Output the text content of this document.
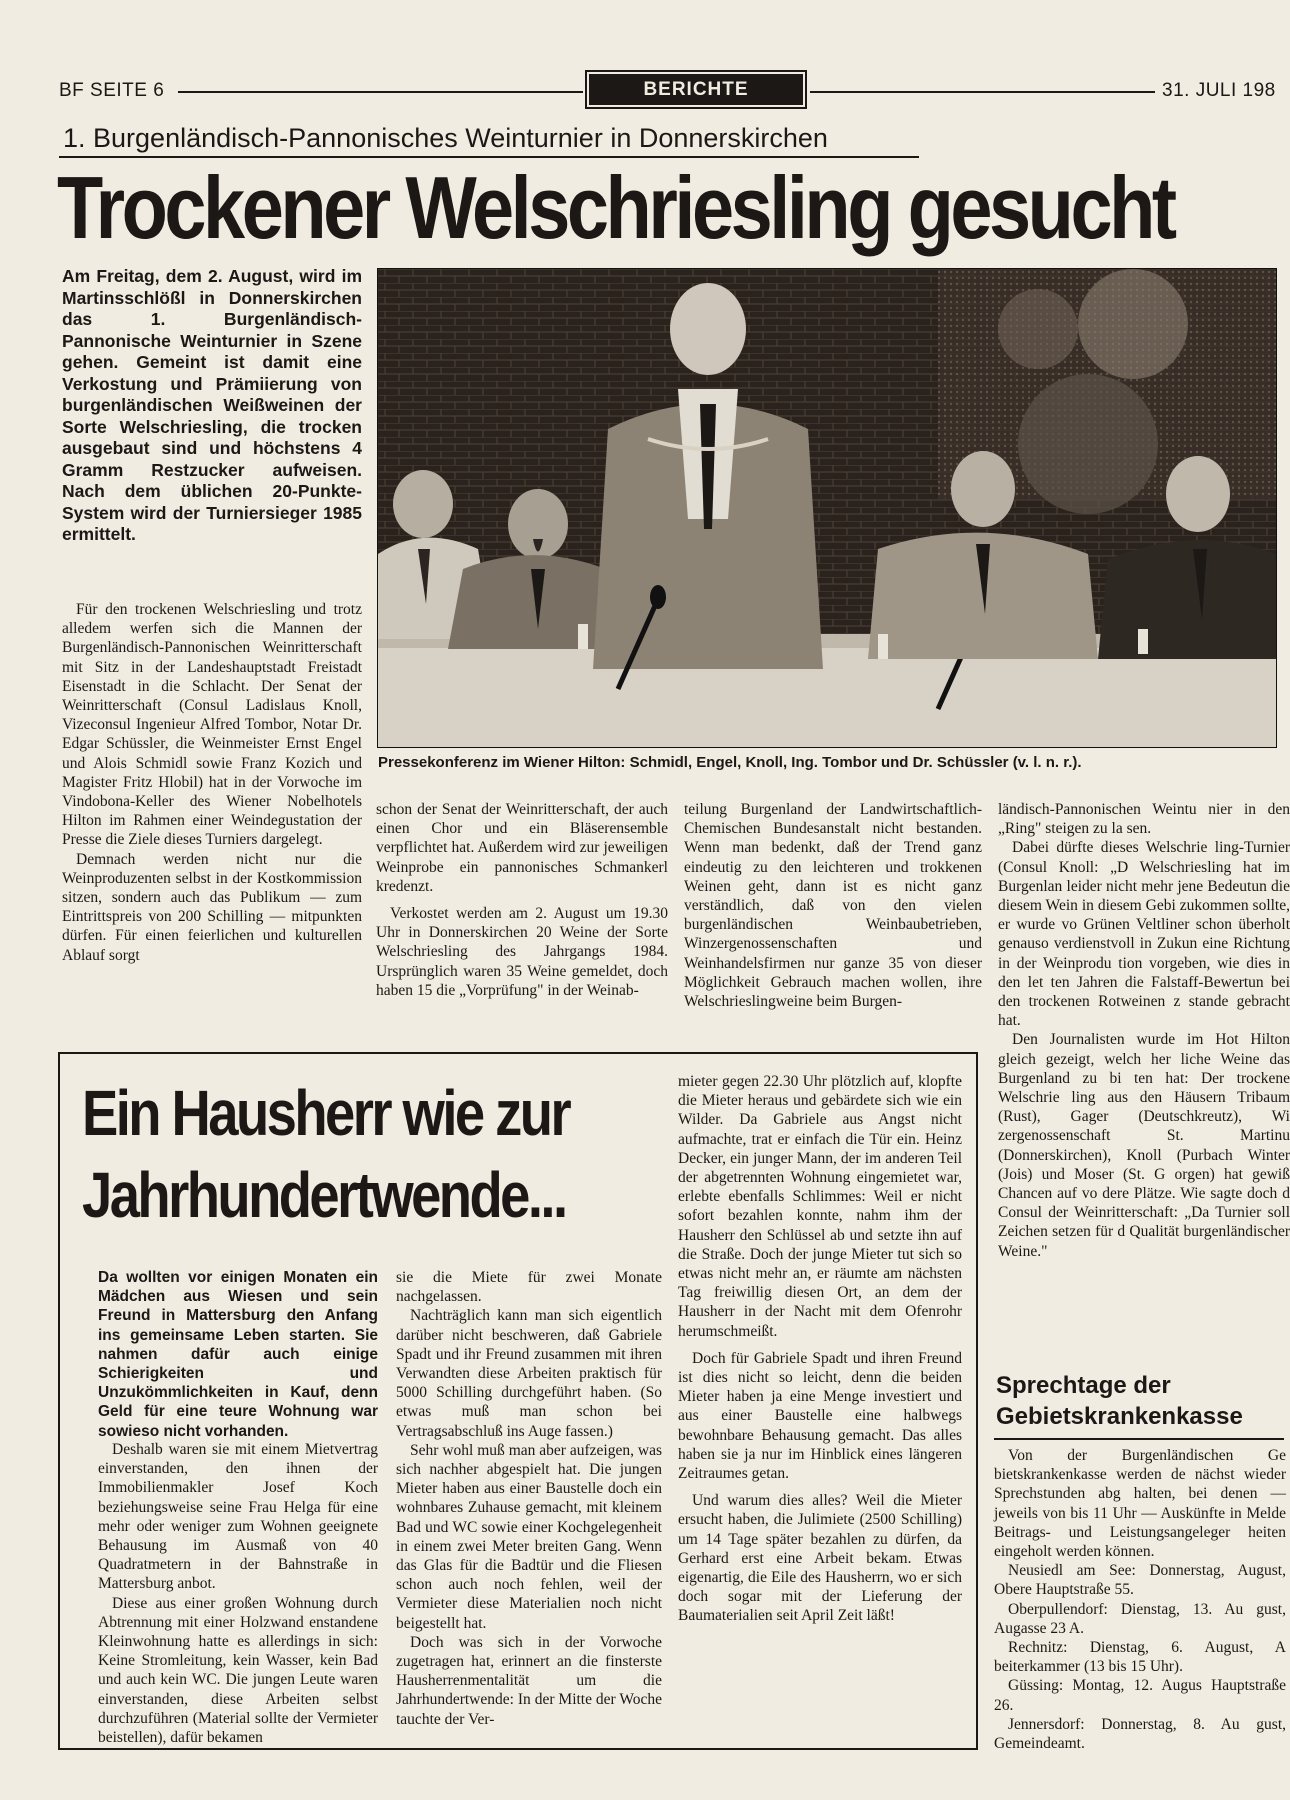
BF SEITE 6	BERICHTE	31. JULI 198
1. Burgenländisch-Pannonisches Weinturnier in Donnerskirchen
Trockener Welschriesling gesucht
Am Freitag, dem 2. August, wird im Martinsschlößl in Donnerskirchen das 1. Burgenländisch-Pannonische Weinturnier in Szene gehen. Gemeint ist damit eine Verkostung und Prämiierung von burgenländischen Weißweinen der Sorte Welschriesling, die trocken ausgebaut sind und höchstens 4 Gramm Restzucker aufweisen. Nach dem üblichen 20-Punkte-System wird der Turniersieger 1985 ermittelt.

Für den trockenen Welschriesling und trotz alledem werfen sich die Mannen der Burgenländisch-Pannonischen Weinritterschaft mit Sitz in der Landeshauptstadt Freistadt Eisenstadt in die Schlacht. Der Senat der Weinritterschaft (Consul Ladislaus Knoll, Vizeconsul Ingenieur Alfred Tombor, Notar Dr. Edgar Schüssler, die Weinmeister Ernst Engel und Alois Schmidl sowie Franz Kozich und Magister Fritz Hlobil) hat in der Vorwoche im Vindobona-Keller des Wiener Nobelhotels Hilton im Rahmen einer Weindegustation der Presse die Ziele dieses Turniers dargelegt.

Demnach werden nicht nur die Weinproduzenten selbst in der Kostkommission sitzen, sondern auch das Publikum — zum Eintrittspreis von 200 Schilling — mitpunkten dürfen. Für einen feierlichen und kulturellen Ablauf sorgt

Pressekonferenz im Wiener Hilton: Schmidl, Engel, Knoll, Ing. Tombor und Dr. Schüssler (v. l. n. r.).

schon der Senat der Weinritterschaft, der auch einen Chor und ein Bläserensemble verpflichtet hat. Außerdem wird zur jeweiligen Weinprobe ein pannonisches Schmankerl kredenzt.

Verkostet werden am 2. August um 19.30 Uhr in Donnerskirchen 20 Weine der Sorte Welschriesling des Jahrgangs 1984. Ursprünglich waren 35 Weine gemeldet, doch haben 15 die „Vorprüfung" in der Weinab-

teilung Burgenland der Landwirtschaftlich-Chemischen Bundesanstalt nicht bestanden. Wenn man bedenkt, daß der Trend ganz eindeutig zu den leichteren und trokkenen Weinen geht, dann ist es nicht ganz verständlich, daß von den vielen burgenländischen Weinbaubetrieben, Winzergenossenschaften und Weinhandelsfirmen nur ganze 35 von dieser Möglichkeit Gebrauch machen wollen, ihre Welschrieslingweine beim Burgen-

ländisch-Pannonischen Weintu nier in den „Ring" steigen zu la sen.

Dabei dürfte dieses Welschrie ling-Turnier (Consul Knoll: „D Welschriesling hat im Burgenlan leider nicht mehr jene Bedeutun die diesem Wein in diesem Gebi zukommen sollte, er wurde vo Grünen Veltliner schon überholt genauso verdienstvoll in Zukun eine Richtung in der Weinprodu tion vorgeben, wie dies in den let ten Jahren die Falstaff-Bewertun bei den trockenen Rotweinen z stande gebracht hat.

Den Journalisten wurde im Hot Hilton gleich gezeigt, welch her liche Weine das Burgenland zu bi ten hat: Der trockene Welschrie ling aus den Häusern Tribaum (Rust), Gager (Deutschkreutz), Wi zergenossenschaft St. Martinu (Donnerskirchen), Knoll (Purbach Winter (Jois) und Moser (St. G orgen) hat gewiß Chancen auf vo dere Plätze. Wie sagte doch d Consul der Weinritterschaft: „Da Turnier soll Zeichen setzen für d Qualität burgenländischer Weine."

Ein Hausherr wie zur
Jahrhundertwende...
Da wollten vor einigen Monaten ein Mädchen aus Wiesen und sein Freund in Mattersburg den Anfang ins gemeinsame Leben starten. Sie nahmen dafür auch einige Schierigkeiten und Unzukömmlichkeiten in Kauf, denn Geld für eine teure Wohnung war sowieso nicht vorhanden.

Deshalb waren sie mit einem Mietvertrag einverstanden, den ihnen der Immobilienmakler Josef Koch beziehungsweise seine Frau Helga für eine mehr oder weniger zum Wohnen geeignete Behausung im Ausmaß von 40 Quadratmetern in der Bahnstraße in Mattersburg anbot.

Diese aus einer großen Wohnung durch Abtrennung mit einer Holzwand enstandene Kleinwohnung hatte es allerdings in sich: Keine Stromleitung, kein Wasser, kein Bad und auch kein WC. Die jungen Leute waren einverstanden, diese Arbeiten selbst durchzuführen (Material sollte der Vermieter beistellen), dafür bekamen

sie die Miete für zwei Monate nachgelassen.

Nachträglich kann man sich eigentlich darüber nicht beschweren, daß Gabriele Spadt und ihr Freund zusammen mit ihren Verwandten diese Arbeiten praktisch für 5000 Schilling durchgeführt haben. (So etwas muß man schon bei Vertragsabschluß ins Auge fassen.)

Sehr wohl muß man aber aufzeigen, was sich nachher abgespielt hat. Die jungen Mieter haben aus einer Baustelle doch ein wohnbares Zuhause gemacht, mit kleinem Bad und WC sowie einer Kochgelegenheit in einem zwei Meter breiten Gang. Wenn das Glas für die Badtür und die Fliesen schon auch noch fehlen, weil der Vermieter diese Materialien noch nicht beigestellt hat.

Doch was sich in der Vorwoche zugetragen hat, erinnert an die finsterste Hausherrenmentalität um die Jahrhundertwende: In der Mitte der Woche tauchte der Ver-

mieter gegen 22.30 Uhr plötzlich auf, klopfte die Mieter heraus und gebärdete sich wie ein Wilder. Da Gabriele aus Angst nicht aufmachte, trat er einfach die Tür ein. Heinz Decker, ein junger Mann, der im anderen Teil der abgetrennten Wohnung eingemietet war, erlebte ebenfalls Schlimmes: Weil er nicht sofort bezahlen konnte, nahm ihm der Hausherr den Schlüssel ab und setzte ihn auf die Straße. Doch der junge Mieter tut sich so etwas nicht mehr an, er räumte am nächsten Tag freiwillig diesen Ort, an dem der Hausherr in der Nacht mit dem Ofenrohr herumschmeißt.

Doch für Gabriele Spadt und ihren Freund ist dies nicht so leicht, denn die beiden Mieter haben ja eine Menge investiert und aus einer Baustelle eine halbwegs bewohnbare Behausung gemacht. Das alles haben sie ja nur im Hinblick eines längeren Zeitraumes getan.

Und warum dies alles? Weil die Mieter ersucht haben, die Julimiete (2500 Schilling) um 14 Tage später bezahlen zu dürfen, da Gerhard erst eine Arbeit bekam. Etwas eigenartig, die Eile des Hausherrn, wo er sich doch sogar mit der Lieferung der Baumaterialien seit April Zeit läßt!

Sprechtage der
Gebietskrankenkasse

Von der Burgenländischen Ge bietskrankenkasse werden de nächst wieder Sprechstunden abg halten, bei denen — jeweils von bis 11 Uhr — Auskünfte in Melde Beitrags- und Leistungsangeleger heiten eingeholt werden können.

Neusiedl am See: Donnerstag, August, Obere Hauptstraße 55.

Oberpullendorf: Dienstag, 13. Au gust, Augasse 23 A.

Rechnitz: Dienstag, 6. August, A beiterkammer (13 bis 15 Uhr).

Güssing: Montag, 12. Augus Hauptstraße 26.

Jennersdorf: Donnerstag, 8. Au gust, Gemeindeamt.
